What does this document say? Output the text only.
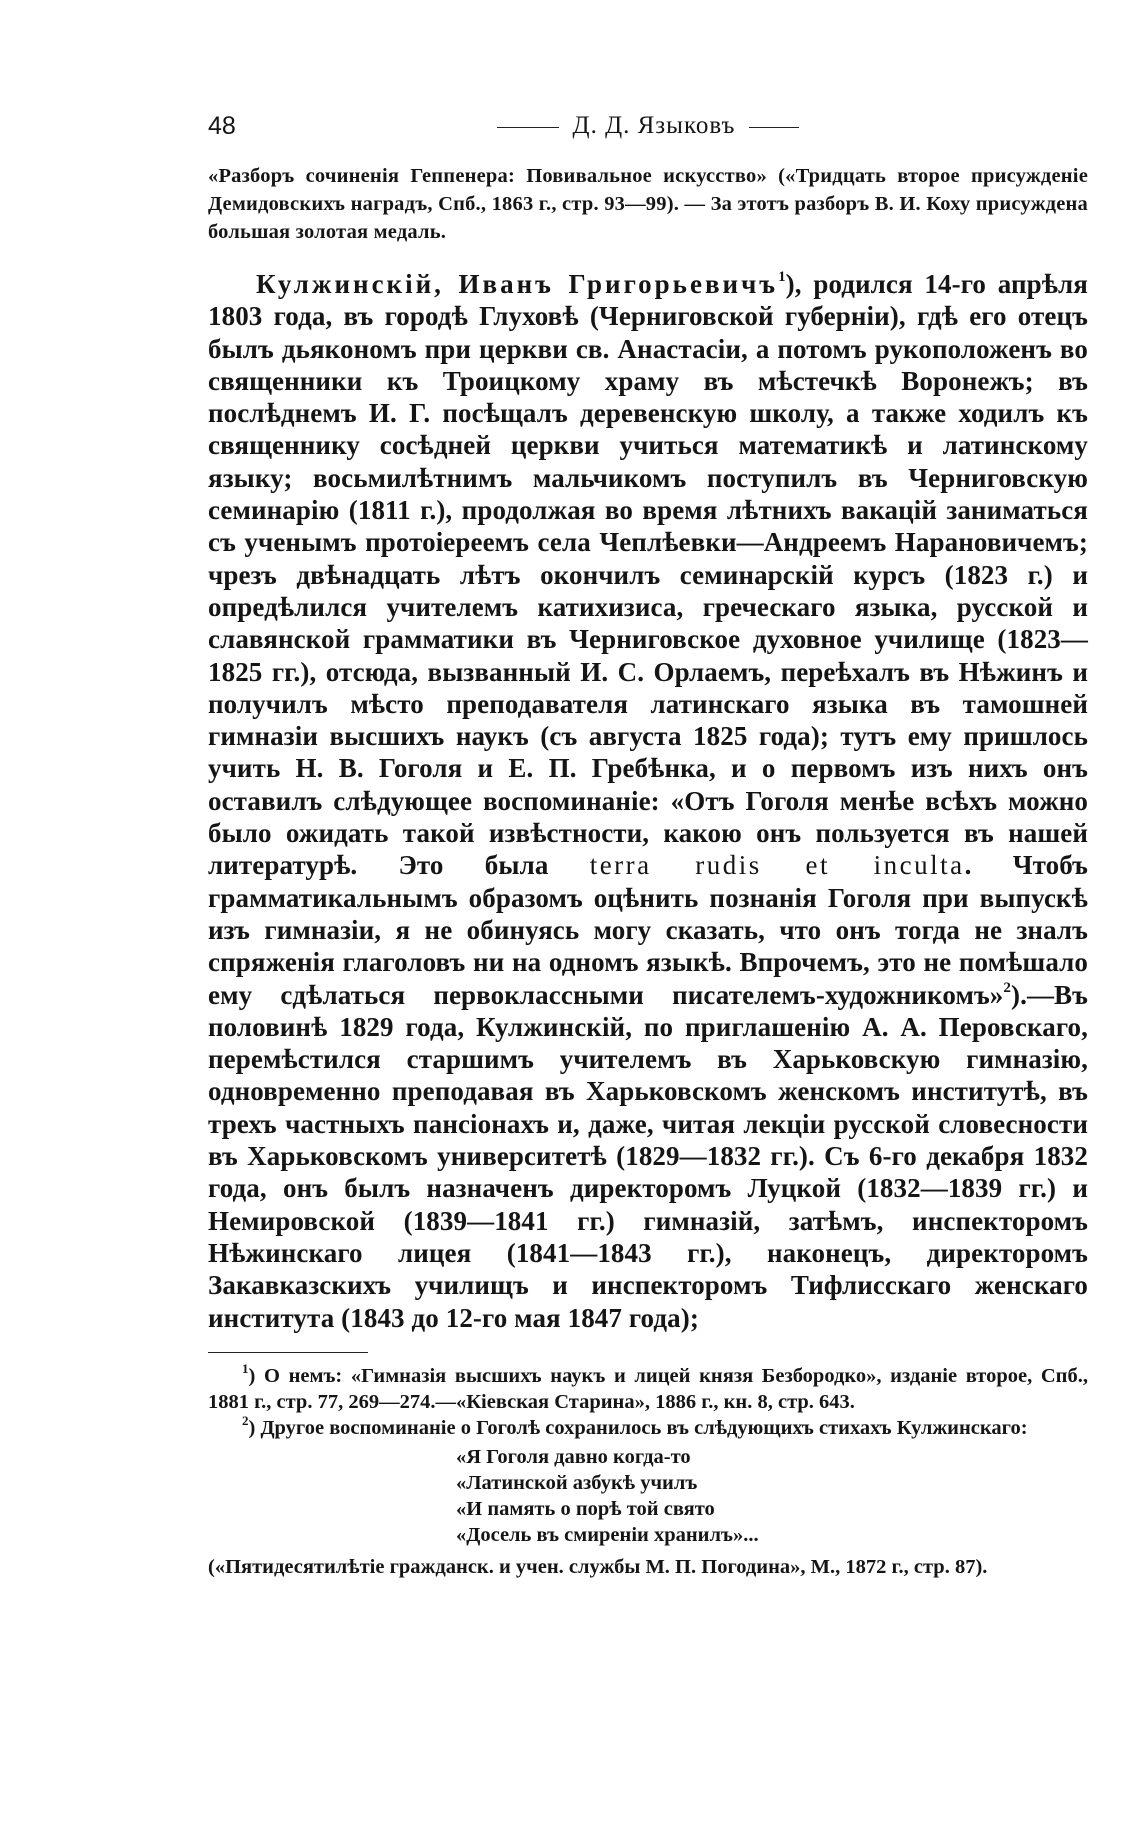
48	Д. Д. Языковъ
«Разборъ сочиненія Геппенера: Повивальное искусство» («Тридцать второе присужденіе Демидовскихъ наградъ, Спб., 1863 г., стр. 93—99). — За этотъ разборъ В. И. Коху присуждена большая золотая медаль.
Кулжинскій, Иванъ Григорьевичъ$^1$), родился 14-го апрѣля 1803 года, въ городѣ Глуховѣ (Черниговской губерніи), гдѣ его отецъ былъ дьякономъ при церкви св. Анастасіи, а потомъ рукоположенъ во священники къ Троицкому храму въ мѣстечкѣ Воронежъ; въ послѣднемъ И. Г. посѣщалъ деревенскую школу, а также ходилъ къ священнику сосѣдней церкви учиться математикѣ и латинскому языку; восьмилѣтнимъ мальчикомъ поступилъ въ Черниговскую семинарію (1811 г.), продолжая во время лѣтнихъ вакацій заниматься съ ученымъ протоіереемъ села Чеплѣевки—Андреемъ Нарановичемъ; чрезъ двѣнадцать лѣтъ окончилъ семинарскій курсъ (1823 г.) и опредѣлился учителемъ катихизиса, греческаго языка, русской и славянской грамматики въ Черниговское духовное училище (1823—1825 гг.), отсюда, вызванный И. С. Орлаемъ, переѣхалъ въ Нѣжинъ и получилъ мѣсто преподавателя латинскаго языка въ тамошней гимназіи высшихъ наукъ (съ августа 1825 года); тутъ ему пришлось учить Н. В. Гоголя и Е. П. Гребѣнка, и о первомъ изъ нихъ онъ оставилъ слѣдующее воспоминаніе: «Отъ Гоголя менѣе всѣхъ можно было ожидать такой извѣстности, какою онъ пользуется въ нашей литературѣ. Это была terra rudis et inculta. Чтобъ грамматикальнымъ образомъ оцѣнить познанія Гоголя при выпускѣ изъ гимназіи, я не обинуясь могу сказать, что онъ тогда не зналъ спряженія глаголовъ ни на одномъ языкѣ. Впрочемъ, это не помѣшало ему сдѣлаться первоклассными писателемъ-художникомъ»$^2$).—Въ половинѣ 1829 года, Кулжинскій, по приглашенію А. А. Перовскаго, перемѣстился старшимъ учителемъ въ Харьковскую гимназію, одновременно преподавая въ Харьковскомъ женскомъ институтѣ, въ трехъ частныхъ пансіонахъ и, даже, читая лекціи русской словесности въ Харьковскомъ университетѣ (1829—1832 гг.). Съ 6-го декабря 1832 года, онъ былъ назначенъ директоромъ Луцкой (1832—1839 гг.) и Немировской (1839—1841 гг.) гимназій, затѣмъ, инспекторомъ Нѣжинскаго лицея (1841—1843 гг.), наконецъ, директоромъ Закавказскихъ училищъ и инспекторомъ Тифлисскаго женскаго института (1843 до 12-го мая 1847 года);

$^1$) О немъ: «Гимназія высшихъ наукъ и лицей князя Безбородко», изданіе второе, Спб., 1881 г., стр. 77, 269—274.—«Кіевская Старина», 1886 г., кн. 8, стр. 643.

$^2$) Другое воспоминаніе о Гоголѣ сохранилось въ слѣдующихъ стихахъ Кулжинскаго:

«Я Гоголя давно когда-то
«Латинской азбукѣ училъ
«И память о порѣ той свято
«Досель въ смиреніи хранилъ»...
(«Пятидесятилѣтіе гражданск. и учен. службы М. П. Погодина», М., 1872 г., стр. 87).
